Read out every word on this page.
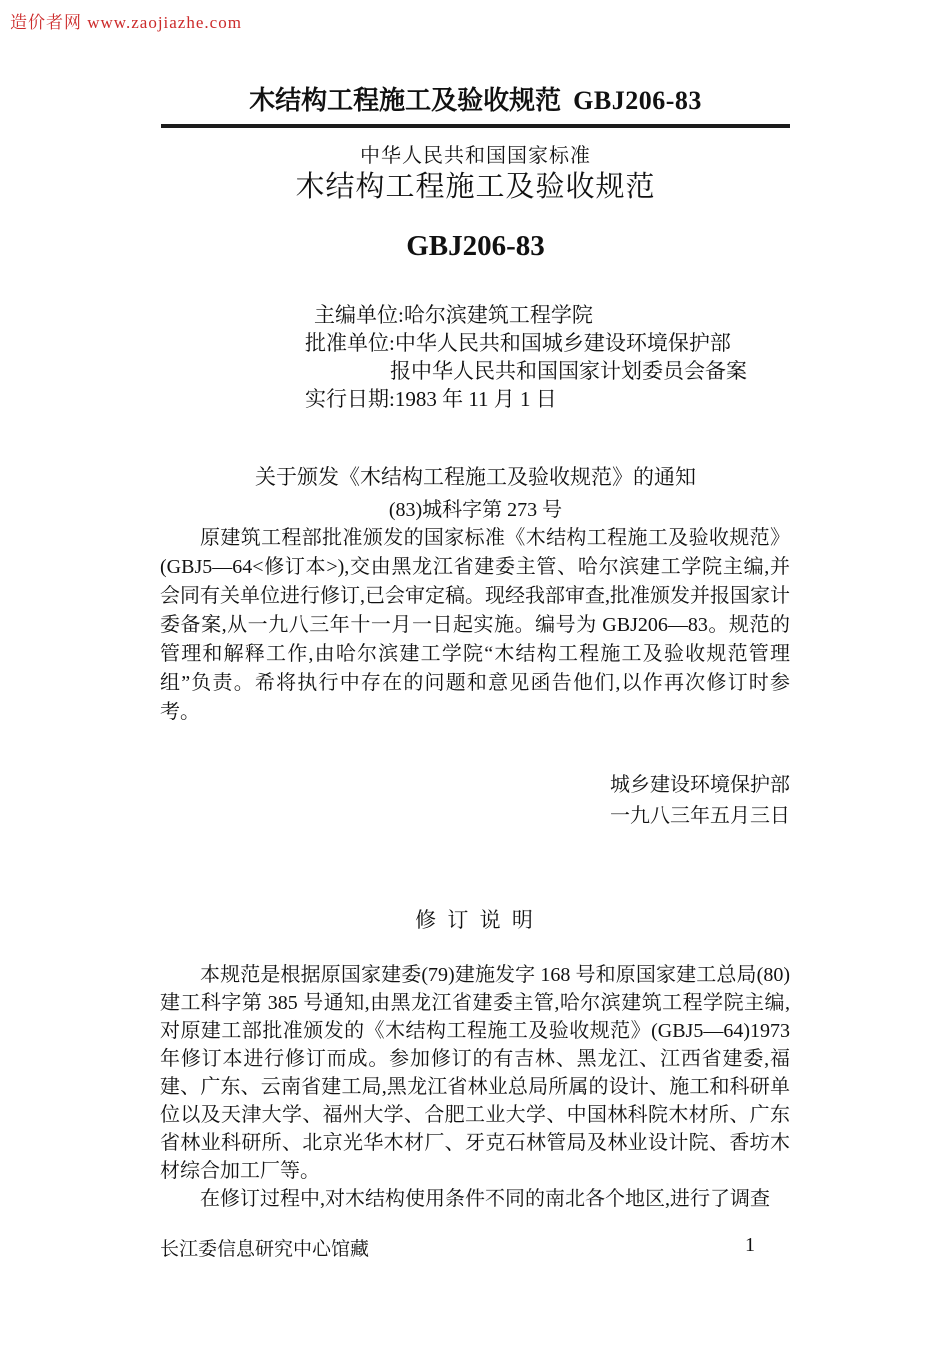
造价者网 www.zaojiazhe.com
木结构工程施工及验收规范 GBJ206-83
中华人民共和国国家标准
木结构工程施工及验收规范
GBJ206-83
主编单位:哈尔滨建筑工程学院
批准单位:中华人民共和国城乡建设环境保护部
报中华人民共和国国家计划委员会备案
实行日期:1983 年 11 月 1 日
关于颁发《木结构工程施工及验收规范》的通知
(83)城科字第 273 号

原建筑工程部批准颁发的国家标准《木结构工程施工及验收规范》(GBJ5—64<修订本>),交由黑龙江省建委主管、哈尔滨建工学院主编,并会同有关单位进行修订,已会审定稿。现经我部审查,批准颁发并报国家计委备案,从一九八三年十一月一日起实施。编号为 GBJ206—83。规范的管理和解释工作,由哈尔滨建工学院“木结构工程施工及验收规范管理组”负责。希将执行中存在的问题和意见函告他们,以作再次修订时参考。

城乡建设环境保护部
一九八三年五月三日
修 订 说 明

本规范是根据原国家建委(79)建施发字 168 号和原国家建工总局(80)建工科字第 385 号通知,由黑龙江省建委主管,哈尔滨建筑工程学院主编,对原建工部批准颁发的《木结构工程施工及验收规范》(GBJ5—64)1973 年修订本进行修订而成。参加修订的有吉林、黑龙江、江西省建委,福建、广东、云南省建工局,黑龙江省林业总局所属的设计、施工和科研单位以及天津大学、福州大学、合肥工业大学、中国林科院木材所、广东省林业科研所、北京光华木材厂、牙克石林管局及林业设计院、香坊木材综合加工厂等。

在修订过程中,对木结构使用条件不同的南北各个地区,进行了调查

长江委信息研究中心馆藏	1
